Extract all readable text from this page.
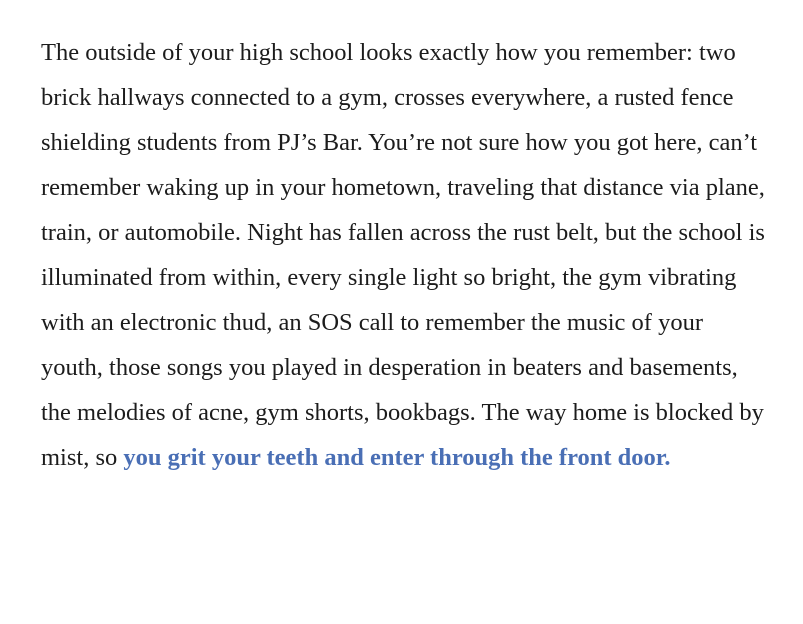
The outside of your high school looks exactly how you remember: two brick hallways connected to a gym, crosses everywhere, a rusted fence shielding students from PJ’s Bar. You’re not sure how you got here, can’t remember waking up in your hometown, traveling that distance via plane, train, or automobile. Night has fallen across the rust belt, but the school is illuminated from within, every single light so bright, the gym vibrating with an electronic thud, an SOS call to remember the music of your youth, those songs you played in desperation in beaters and basements, the melodies of acne, gym shorts, bookbags. The way home is blocked by mist, so you grit your teeth and enter through the front door.
